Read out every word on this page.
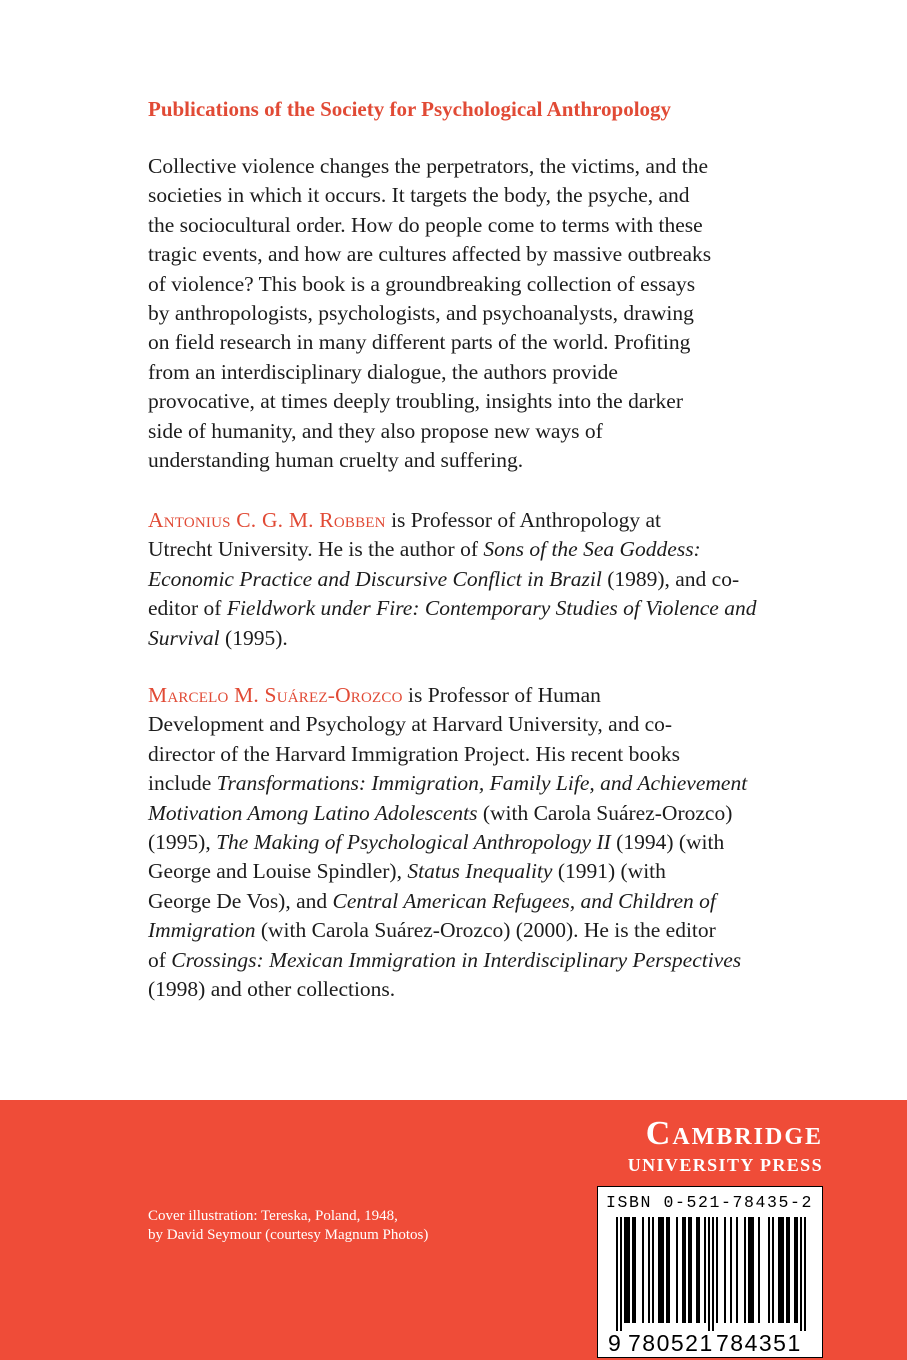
Publications of the Society for Psychological Anthropology
Collective violence changes the perpetrators, the victims, and the
societies in which it occurs. It targets the body, the psyche, and
the sociocultural order. How do people come to terms with these
tragic events, and how are cultures affected by massive outbreaks
of violence? This book is a groundbreaking collection of essays
by anthropologists, psychologists, and psychoanalysts, drawing
on field research in many different parts of the world. Profiting
from an interdisciplinary dialogue, the authors provide
provocative, at times deeply troubling, insights into the darker
side of humanity, and they also propose new ways of
understanding human cruelty and suffering.
Antonius C. G. M. Robben is Professor of Anthropology at
Utrecht University. He is the author of Sons of the Sea Goddess:
Economic Practice and Discursive Conflict in Brazil (1989), and co-
editor of Fieldwork under Fire: Contemporary Studies of Violence and
Survival (1995).
Marcelo M. Suárez-Orozco is Professor of Human
Development and Psychology at Harvard University, and co-
director of the Harvard Immigration Project. His recent books
include Transformations: Immigration, Family Life, and Achievement
Motivation Among Latino Adolescents (with Carola Suárez-Orozco)
(1995), The Making of Psychological Anthropology II (1994) (with
George and Louise Spindler), Status Inequality (1991) (with
George De Vos), and Central American Refugees, and Children of
Immigration (with Carola Suárez-Orozco) (2000). He is the editor
of Crossings: Mexican Immigration in Interdisciplinary Perspectives
(1998) and other collections.
Cambridge
UNIVERSITY PRESS
Cover illustration: Tereska, Poland, 1948,
by David Seymour (courtesy Magnum Photos)
ISBN 0-521-78435-2
9 780521 784351
